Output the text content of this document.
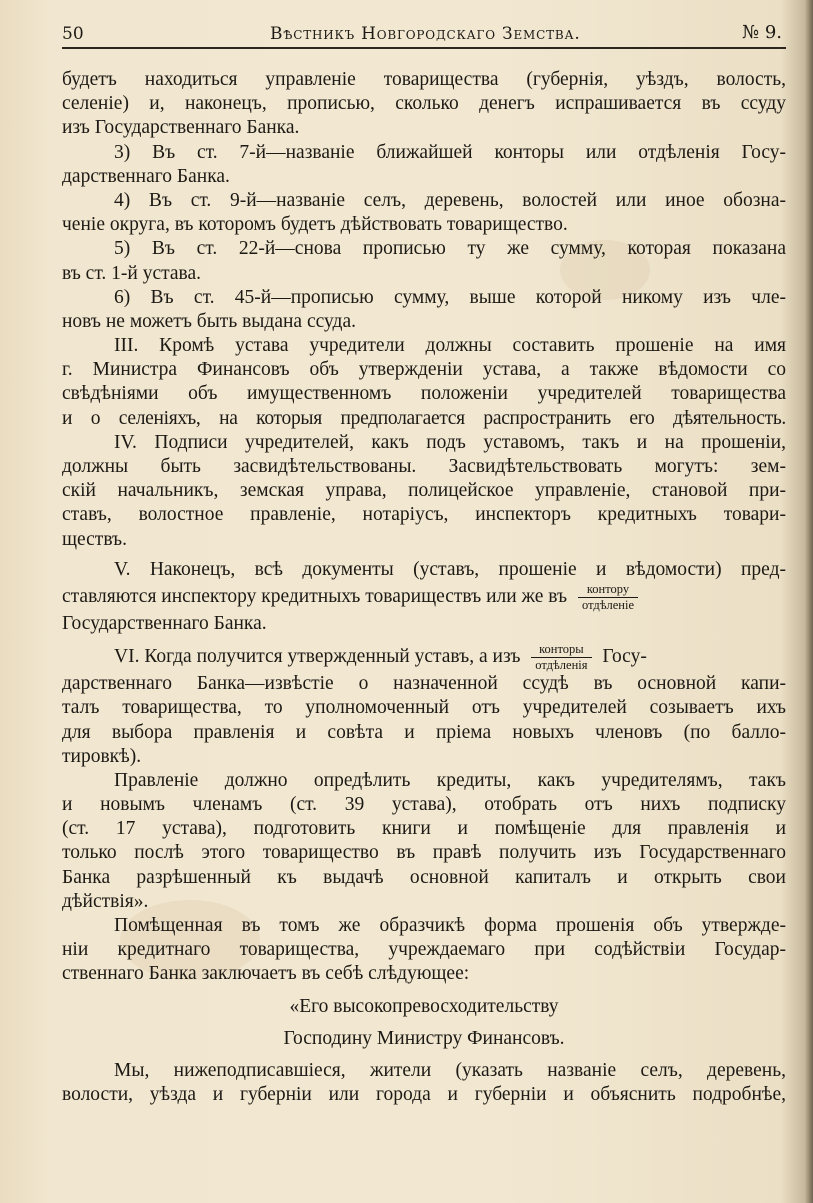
50	Вѣстникъ Новгородскаго Земства.	№ 9.
будетъ находиться управленіе товарищества (губернія, уѣздъ, волость,
селеніе) и, наконецъ, прописью, сколько денегъ испрашивается въ ссуду
изъ Государственнаго Банка.
3) Въ ст. 7-й—названіе ближайшей конторы или отдѣленія Госу-
дарственнаго Банка.
4) Въ ст. 9-й—названіе селъ, деревень, волостей или иное обозна-
ченіе округа, въ которомъ будетъ дѣйствовать товарищество.
5) Въ ст. 22-й—снова прописью ту же сумму, которая показана
въ ст. 1-й устава.
6) Въ ст. 45-й—прописью сумму, выше которой никому изъ чле-
новъ не можетъ быть выдана ссуда.
III. Кромѣ устава учредители должны составить прошеніе на имя
г. Министра Финансовъ объ утвержденіи устава, а также вѣдомости со
свѣдѣніями объ имущественномъ положеніи учредителей товарищества
и о селеніяхъ, на которыя предполагается распространить его дѣятельность.
IV. Подписи учредителей, какъ подъ уставомъ, такъ и на прошеніи,
должны быть засвидѣтельствованы. Засвидѣтельствовать могутъ: зем-
скій начальникъ, земская управа, полицейское управленіе, становой при-
ставъ, волостное правленіе, нотаріусъ, инспекторъ кредитныхъ товари-
ществъ.
V. Наконецъ, всѣ документы (уставъ, прошеніе и вѣдомости) пред-
ставляются инспектору кредитныхъ товариществъ или же въ $\frac{\text{контору}}{\text{отдѣленіе}}$
Государственнаго Банка.
VI. Когда получится утвержденный уставъ, а изъ $\frac{\text{конторы}}{\text{отдѣленія}}$ Госу-
дарственнаго Банка—извѣстіе о назначенной ссудѣ въ основной капи-
талъ товарищества, то уполномоченный отъ учредителей созываетъ ихъ
для выбора правленія и совѣта и пріема новыхъ членовъ (по балло-
тировкѣ).
Правленіе должно опредѣлить кредиты, какъ учредителямъ, такъ
и новымъ членамъ (ст. 39 устава), отобрать отъ нихъ подписку
(ст. 17 устава), подготовить книги и помѣщеніе для правленія и
только послѣ этого товарищество въ правѣ получить изъ Государственнаго
Банка разрѣшенный къ выдачѣ основной капиталъ и открыть свои
дѣйствія».
Помѣщенная въ томъ же образчикѣ форма прошенія объ утвержде-
ніи кредитнаго товарищества, учреждаемаго при содѣйствіи Государ-
ственнаго Банка заключаетъ въ себѣ слѣдующее:
«Его высокопревосходительству
Господину Министру Финансовъ.
Мы, нижеподписавшіеся, жители (указать названіе селъ, деревень,
волости, уѣзда и губерніи или города и губерніи и объяснить подробнѣе,
